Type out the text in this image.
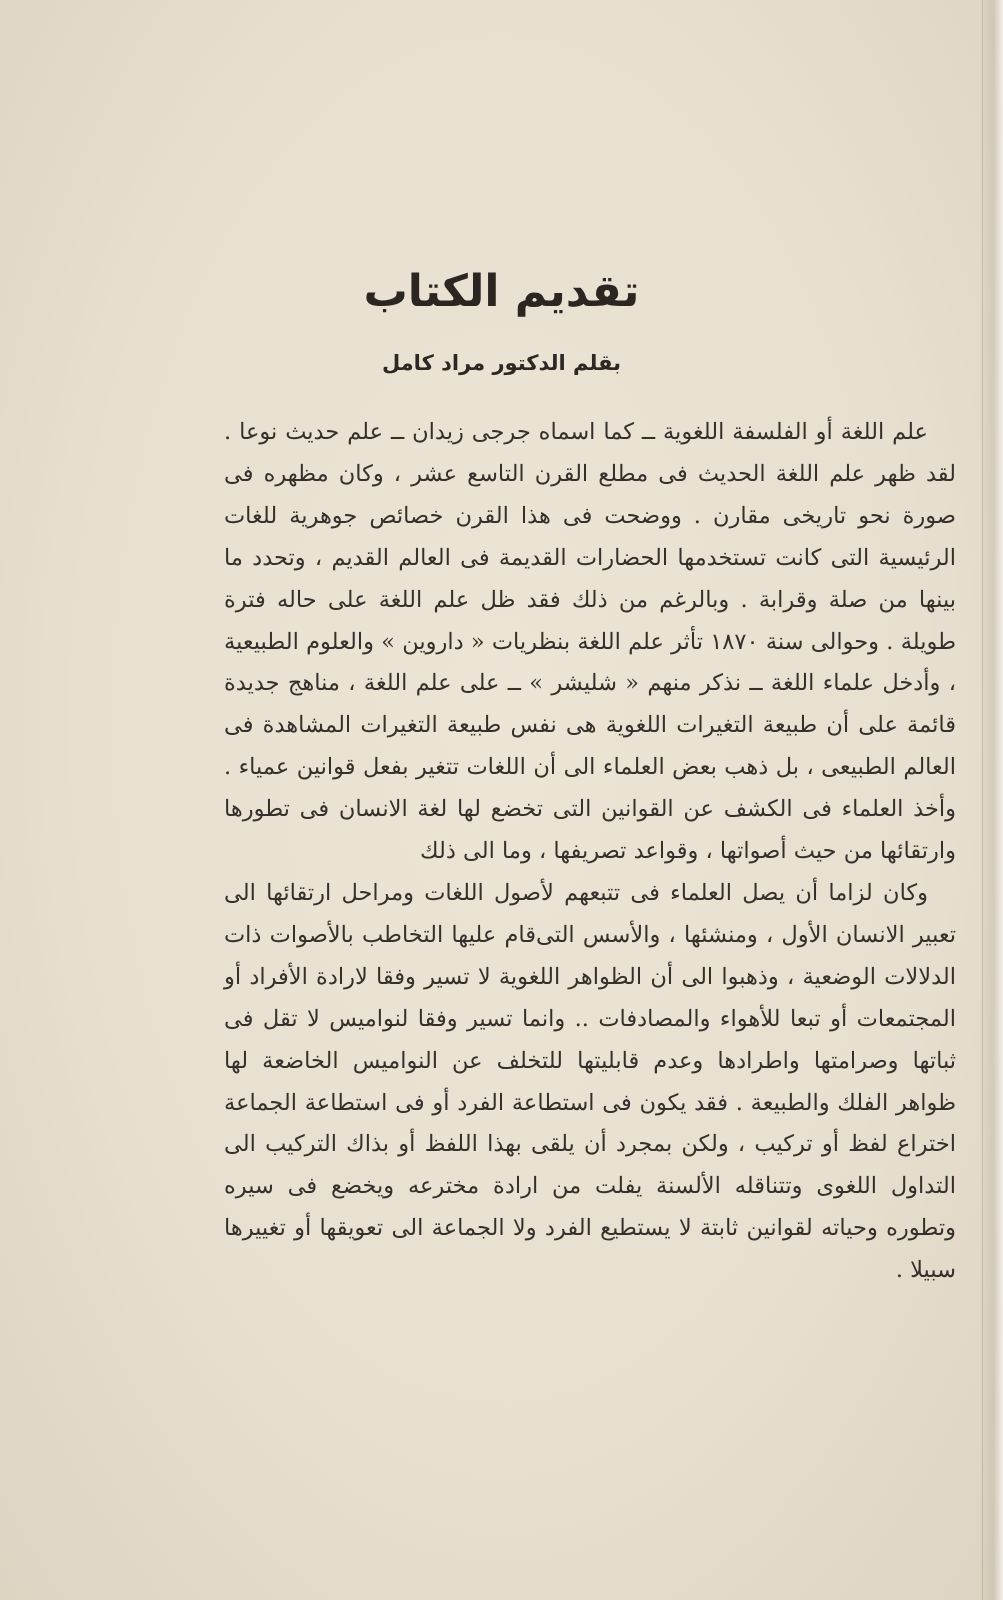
تقديم الكتاب
بقلم الدكتور مراد كامل

علم اللغة أو الفلسفة اللغوية ــ كما اسماه جرجى زيدان ــ علم حديث نوعا . لقد ظهر علم اللغة الحديث فى مطلع القرن التاسع عشر ، وكان مظهره فى صورة نحو تاريخى مقارن . ووضحت فى هذا القرن خصائص جوهرية للغات الرئيسية التى كانت تستخدمها الحضارات القديمة فى العالم القديم ، وتحدد ما بينها من صلة وقرابة . وبالرغم من ذلك فقد ظل علم اللغة على حاله فترة طويلة . وحوالى سنة ١٨٧٠ تأثر علم اللغة بنظريات « داروين » والعلوم الطبيعية ، وأدخل علماء اللغة ــ نذكر منهم « شليشر » ــ على علم اللغة ، مناهج جديدة قائمة على أن طبيعة التغيرات اللغوية هى نفس طبيعة التغيرات المشاهدة فى العالم الطبيعى ، بل ذهب بعض العلماء الى أن اللغات تتغير بفعل قوانين عمياء . وأخذ العلماء فى الكشف عن القوانين التى تخضع لها لغة الانسان فى تطورها وارتقائها من حيث أصواتها ، وقواعد تصريفها ، وما الى ذلك

وكان لزاما أن يصل العلماء فى تتبعهم لأصول اللغات ومراحل ارتقائها الى تعبير الانسان الأول ، ومنشئها ، والأسس التى‌قام عليها التخاطب بالأصوات ذات الدلالات الوضعية ، وذهبوا الى أن الظواهر اللغوية لا تسير وفقا لارادة الأفراد أو المجتمعات أو تبعا للأهواء والمصادفات .. وانما تسير وفقا لنواميس لا تقل فى ثباتها وصرامتها واطرادها وعدم قابليتها للتخلف عن النواميس الخاضعة لها ظواهر الفلك والطبيعة . فقد يكون فى استطاعة الفرد أو فى استطاعة الجماعة اختراع لفظ أو تركيب ، ولكن بمجرد أن يلقى بهذا اللفظ أو بذاك التركيب الى التداول اللغوى وتتناقله الألسنة يفلت من ارادة مخترعه ويخضع فى سيره وتطوره وحياته لقوانين ثابتة لا يستطيع الفرد ولا الجماعة الى تعويقها أو تغييرها سبيلا .
